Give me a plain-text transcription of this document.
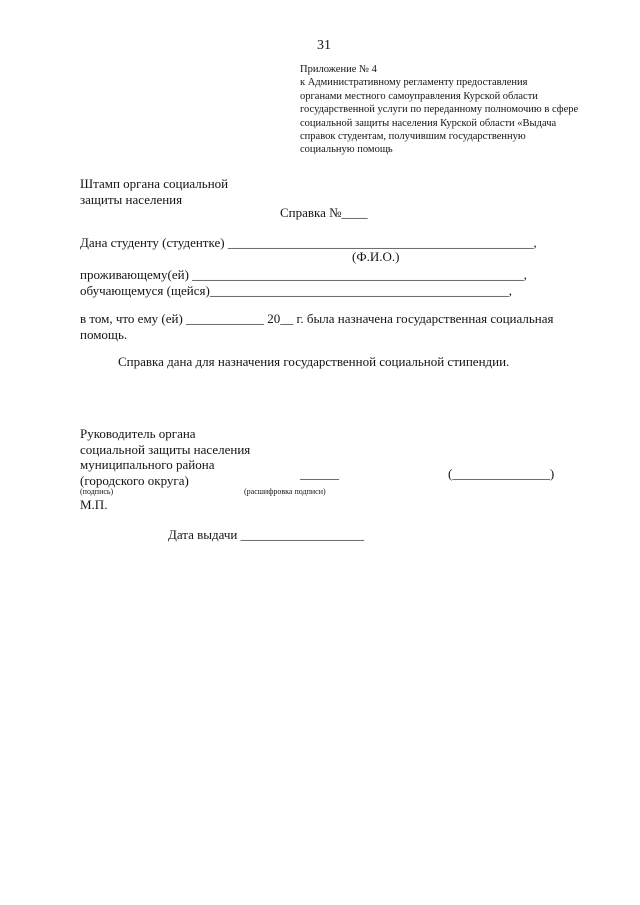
31
Приложение № 4
к Административному регламенту предоставления
органами местного самоуправления Курской области
государственной услуги по переданному полномочию в сфере
социальной защиты населения Курской области «Выдача
справок студентам, получившим государственную
социальную помощь
Штамп органа социальной
защиты населения
Справка №____
Дана студенту (студентке) _______________________________________________,
(Ф.И.О.)
проживающему(ей) ___________________________________________________,
обучающемуся (щейся)______________________________________________,
в том, что ему (ей) ____________ 20__ г. была назначена государственная социальная
помощь.
Справка дана для назначения государственной социальной стипендии.
Руководитель органа
социальной защиты населения
муниципального района
(городского округа)	______	(_______________)
(подпись)	(расшифровка подписи)
М.П.
Дата выдачи ___________________
